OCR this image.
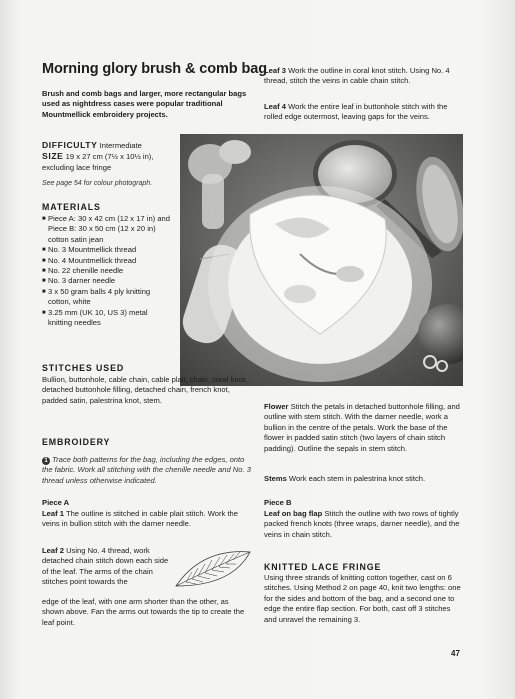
Morning glory brush & comb bag
Brush and comb bags and larger, more rectangular bags used as nightdress cases were popular traditional Mountmellick embroidery projects.
DIFFICULTY Intermediate
SIZE 19 x 27 cm (7½ x 10½ in), excluding lace fringe
See page 54 for colour photograph.
MATERIALS
■ Piece A: 30 x 42 cm (12 x 17 in) and Piece B: 30 x 50 cm (12 x 20 in) cotton satin jean
■ No. 3 Mountmellick thread
■ No. 4 Mountmellick thread
■ No. 22 chenille needle
■ No. 3 darner needle
■ 3 x 50 gram balls 4 ply knitting cotton, white
■ 3.25 mm (UK 10, US 3) metal knitting needles
Leaf 3 Work the outline in coral knot stitch. Using No. 4 thread, stitch the veins in cable chain stitch.
Leaf 4 Work the entire leaf in buttonhole stitch with the rolled edge outermost, leaving gaps for the veins.
STITCHES USED
Bullion, buttonhole, cable chain, cable plait, chain, coral knot, detached buttonhole filling, detached chain, french knot, padded satin, palestrina knot, stem.
EMBROIDERY
1 Trace both patterns for the bag, including the edges, onto the fabric. Work all stitching with the chenille needle and No. 3 thread unless otherwise indicated.
Piece A
Leaf 1 The outline is stitched in cable plait stitch. Work the veins in bullion stitch with the darner needle.
Leaf 2 Using No. 4 thread, work detached chain stitch down each side of the leaf. The arms of the chain stitches point towards the
edge of the leaf, with one arm shorter than the other, as shown above. Fan the arms out towards the tip to create the leaf point.
Flower Stitch the petals in detached buttonhole filling, and outline with stem stitch. With the darner needle, work a bullion in the centre of the petals. Work the base of the flower in padded satin stitch (two layers of chain stitch padding). Outline the sepals in stem stitch.
Stems Work each stem in palestrina knot stitch.
Piece B
Leaf on bag flap Stitch the outline with two rows of tightly packed french knots (three wraps, darner needle), and the veins in chain stitch.
KNITTED LACE FRINGE
Using three strands of knitting cotton together, cast on 6 stitches. Using Method 2 on page 40, knit two lengths: one for the sides and bottom of the bag, and a second one to edge the entire flap section. For both, cast off 3 stitches and unravel the remaining 3.
47
